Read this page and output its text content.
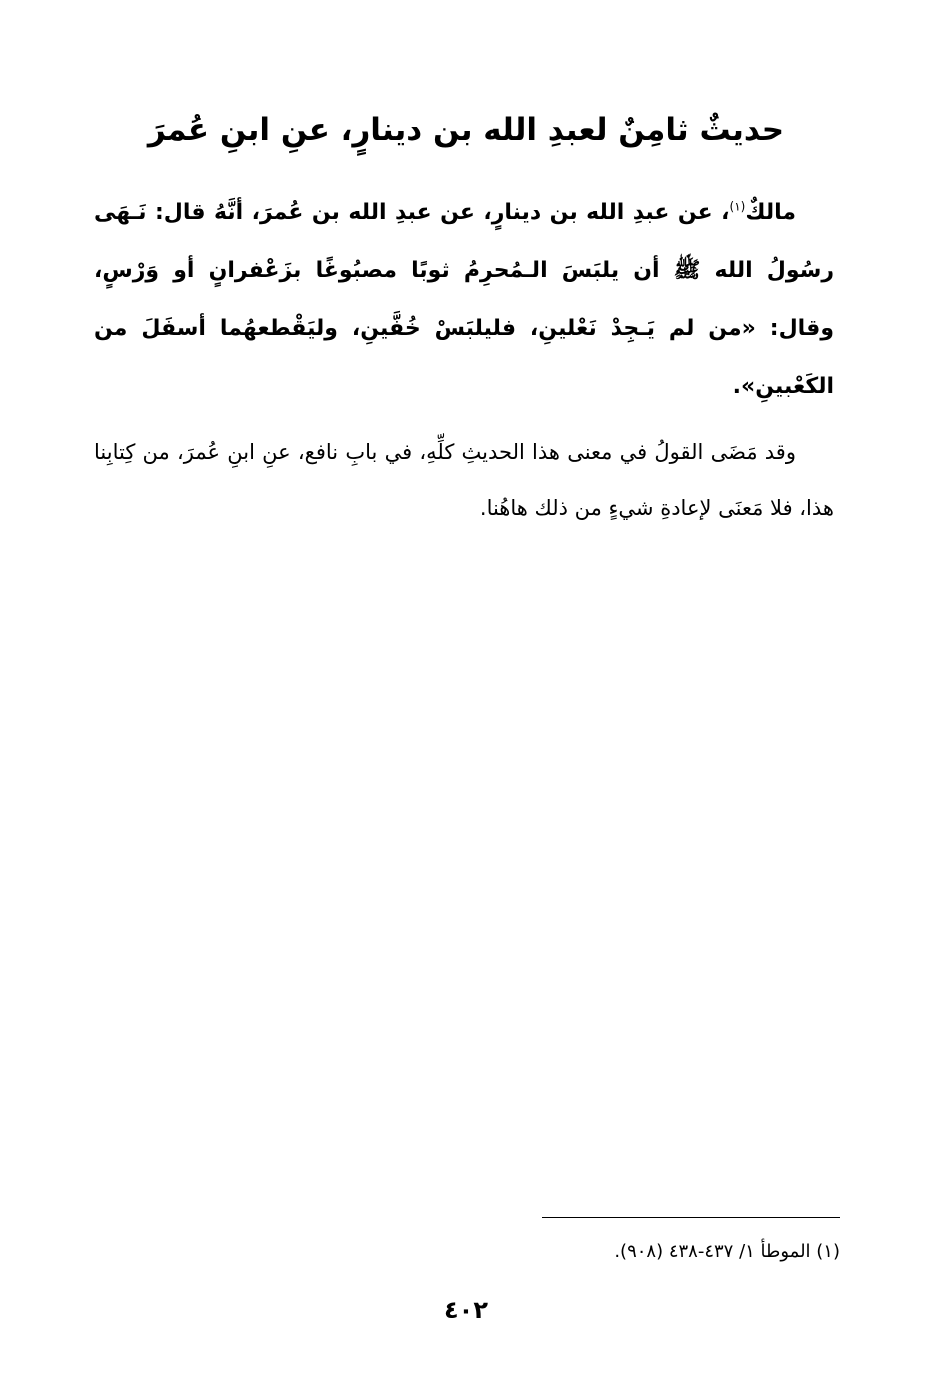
حديثٌ ثامِنٌ لعبدِ الله بن دينارٍ، عنِ ابنِ عُمرَ

مالكٌ$^{(١)}$، عن عبدِ الله بن دينارٍ، عن عبدِ الله بن عُمرَ، أنَّهُ قال: نَـهَى رسُولُ الله ﷺ أن يلبَسَ الـمُحرِمُ ثوبًا مصبُوغًا بزَعْفرانٍ أو وَرْسٍ، وقال: «من لم يَـجِدْ نَعْلينِ، فليلبَسْ خُفَّينِ، وليَقْطعهُما أسفَلَ من الكَعْبينِ».

وقد مَضَى القولُ في معنى هذا الحديثِ كلِّهِ، في بابِ نافع، عنِ ابنِ عُمرَ، من كِتابِنا هذا، فلا مَعنَى لإعادةِ شيءٍ من ذلك هاهُنا.

(١) الموطأ ١/ ٤٣٧-٤٣٨ (٩٠٨).
٤٠٢
